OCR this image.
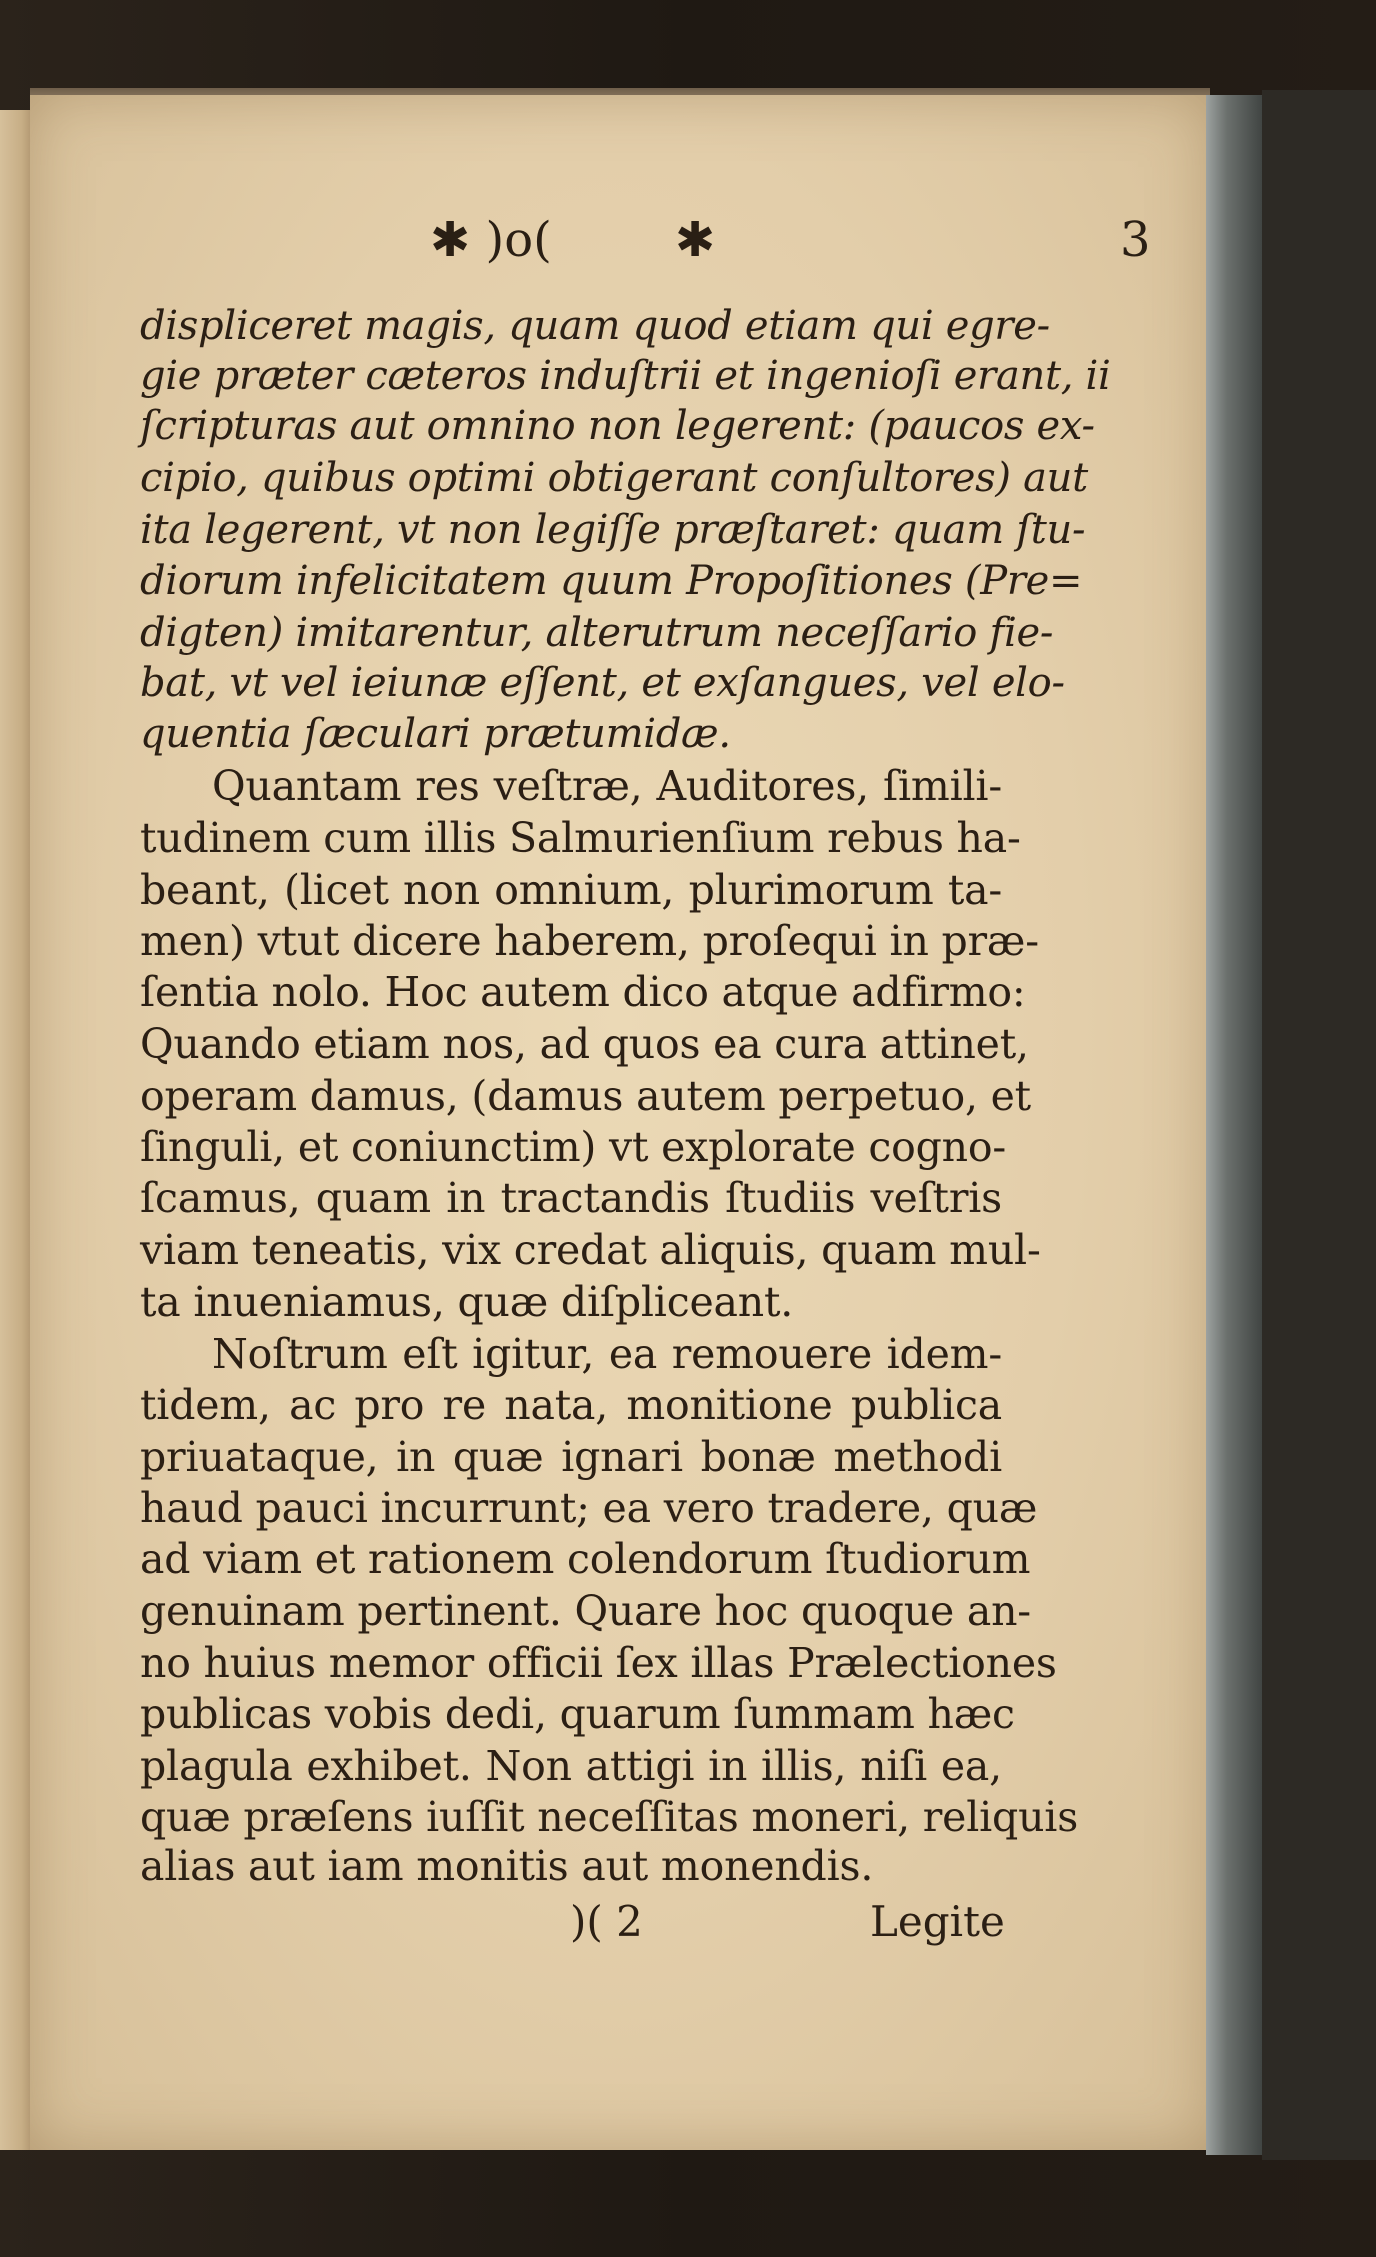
✱ )o(	✱	3
displiceret magis, quam quod etiam qui egre-
gie præter cæteros induſtrii et ingenioſi erant, ii
ſcripturas aut omnino non legerent: (paucos ex-
cipio, quibus optimi obtigerant conſultores) aut
ita legerent, vt non legiſſe præſtaret: quam ſtu-
diorum infelicitatem quum Propoſitiones (Pre=
digten) imitarentur, alterutrum neceſſario fie-
bat, vt vel ieiunæ eſſent, et exſangues, vel elo-
quentia ſæculari prætumidæ.
Quantam res veſtræ, Auditores, ſimili-
tudinem cum illis Salmurienſium rebus ha-
beant, (licet non omnium, plurimorum ta-
men) vtut dicere haberem, proſequi in præ-
ſentia nolo. Hoc autem dico atque adfirmo:
Quando etiam nos, ad quos ea cura attinet,
operam damus, (damus autem perpetuo, et
ſinguli, et coniunctim) vt explorate cogno-
ſcamus, quam in tractandis ſtudiis veſtris
viam teneatis, vix credat aliquis, quam mul-
ta inueniamus, quæ diſpliceant.
Noſtrum eſt igitur, ea remouere idem-
tidem, ac pro re nata, monitione publica
priuataque, in quæ ignari bonæ methodi
haud pauci incurrunt; ea vero tradere, quæ
ad viam et rationem colendorum ſtudiorum
genuinam pertinent. Quare hoc quoque an-
no huius memor officii ſex illas Prælectiones
publicas vobis dedi, quarum ſummam hæc
plagula exhibet. Non attigi in illis, niſi ea,
quæ præſens iuſſit neceſſitas moneri, reliquis
alias aut iam monitis aut monendis.
)( 2	Legite
